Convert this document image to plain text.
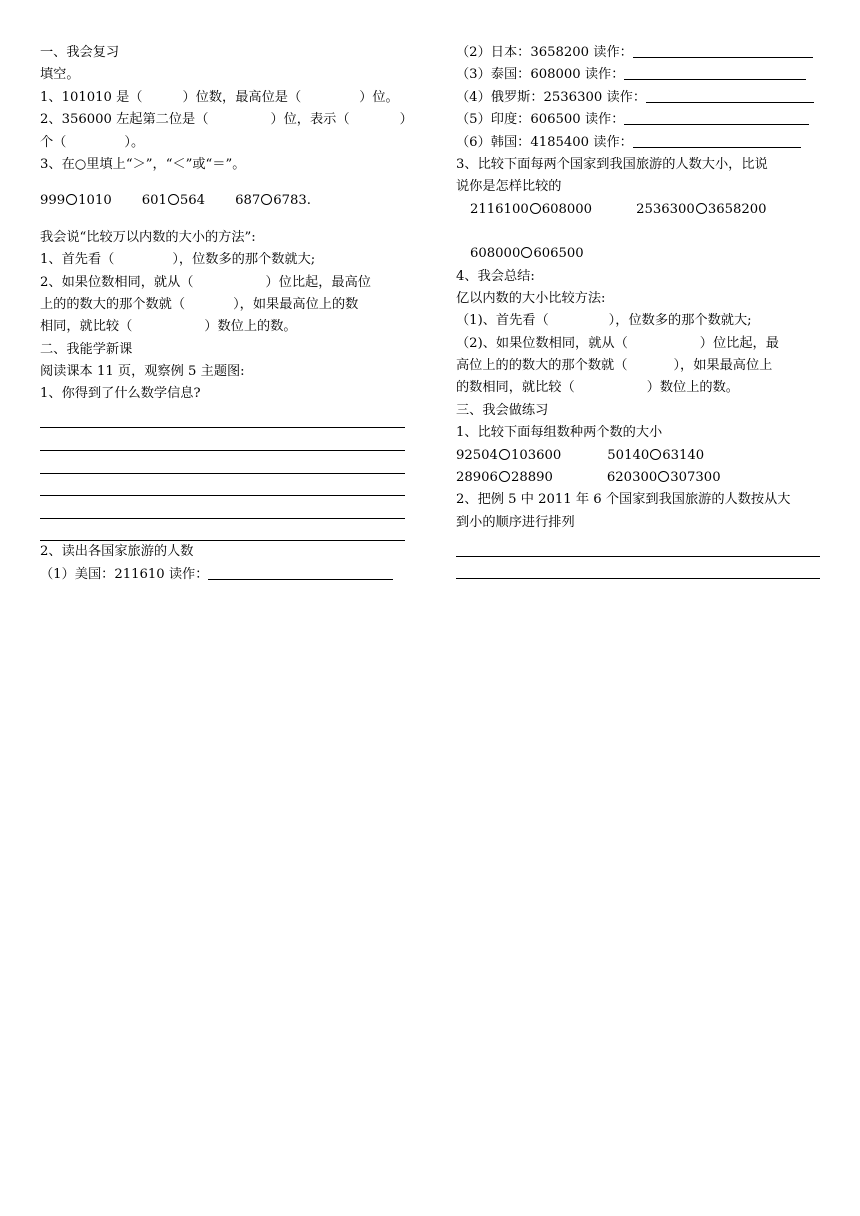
一、我会复习
填空。
1、101010 是（	）位数，最高位是（	）位。
2、356000 左起第二位是（	）位，表示（	）
个（	）。
3、在○里填上“＞”，“＜”或“＝”。
999 1010 601 564 687 6783.
我会说“比较万以内数的大小的方法”:
1、首先看（	），位数多的那个数就大;
2、如果位数相同，就从（	）位比起，最高位
上的的数大的那个数就（	），如果最高位上的数
相同，就比较（	）数位上的数。
二、我能学新课
阅读课本 11 页，观察例 5 主题图:
1、你得到了什么数学信息?
2、读出各国家旅游的人数
（1）美国：211610 读作：
（2）日本：3658200 读作：
（3）泰国：608000 读作：
（4）俄罗斯：2536300 读作：
（5）印度：606500 读作：
（6）韩国：4185400 读作：
3、比较下面每两个国家到我国旅游的人数大小，比说
说你是怎样比较的
2116100 608000	2536300 3658200
608000 606500
4、我会总结:
亿以内数的大小比较方法:
（1)、首先看（	），位数多的那个数就大;
（2)、如果位数相同，就从（	）位比起，最
高位上的的数大的那个数就（	），如果最高位上
的数相同，就比较（	）数位上的数。
三、我会做练习
1、比较下面每组数种两个数的大小
92504 103600	50140 63140
28906 28890	620300 307300
2、把例 5 中 2011 年 6 个国家到我国旅游的人数按从大
到小的顺序进行排列
